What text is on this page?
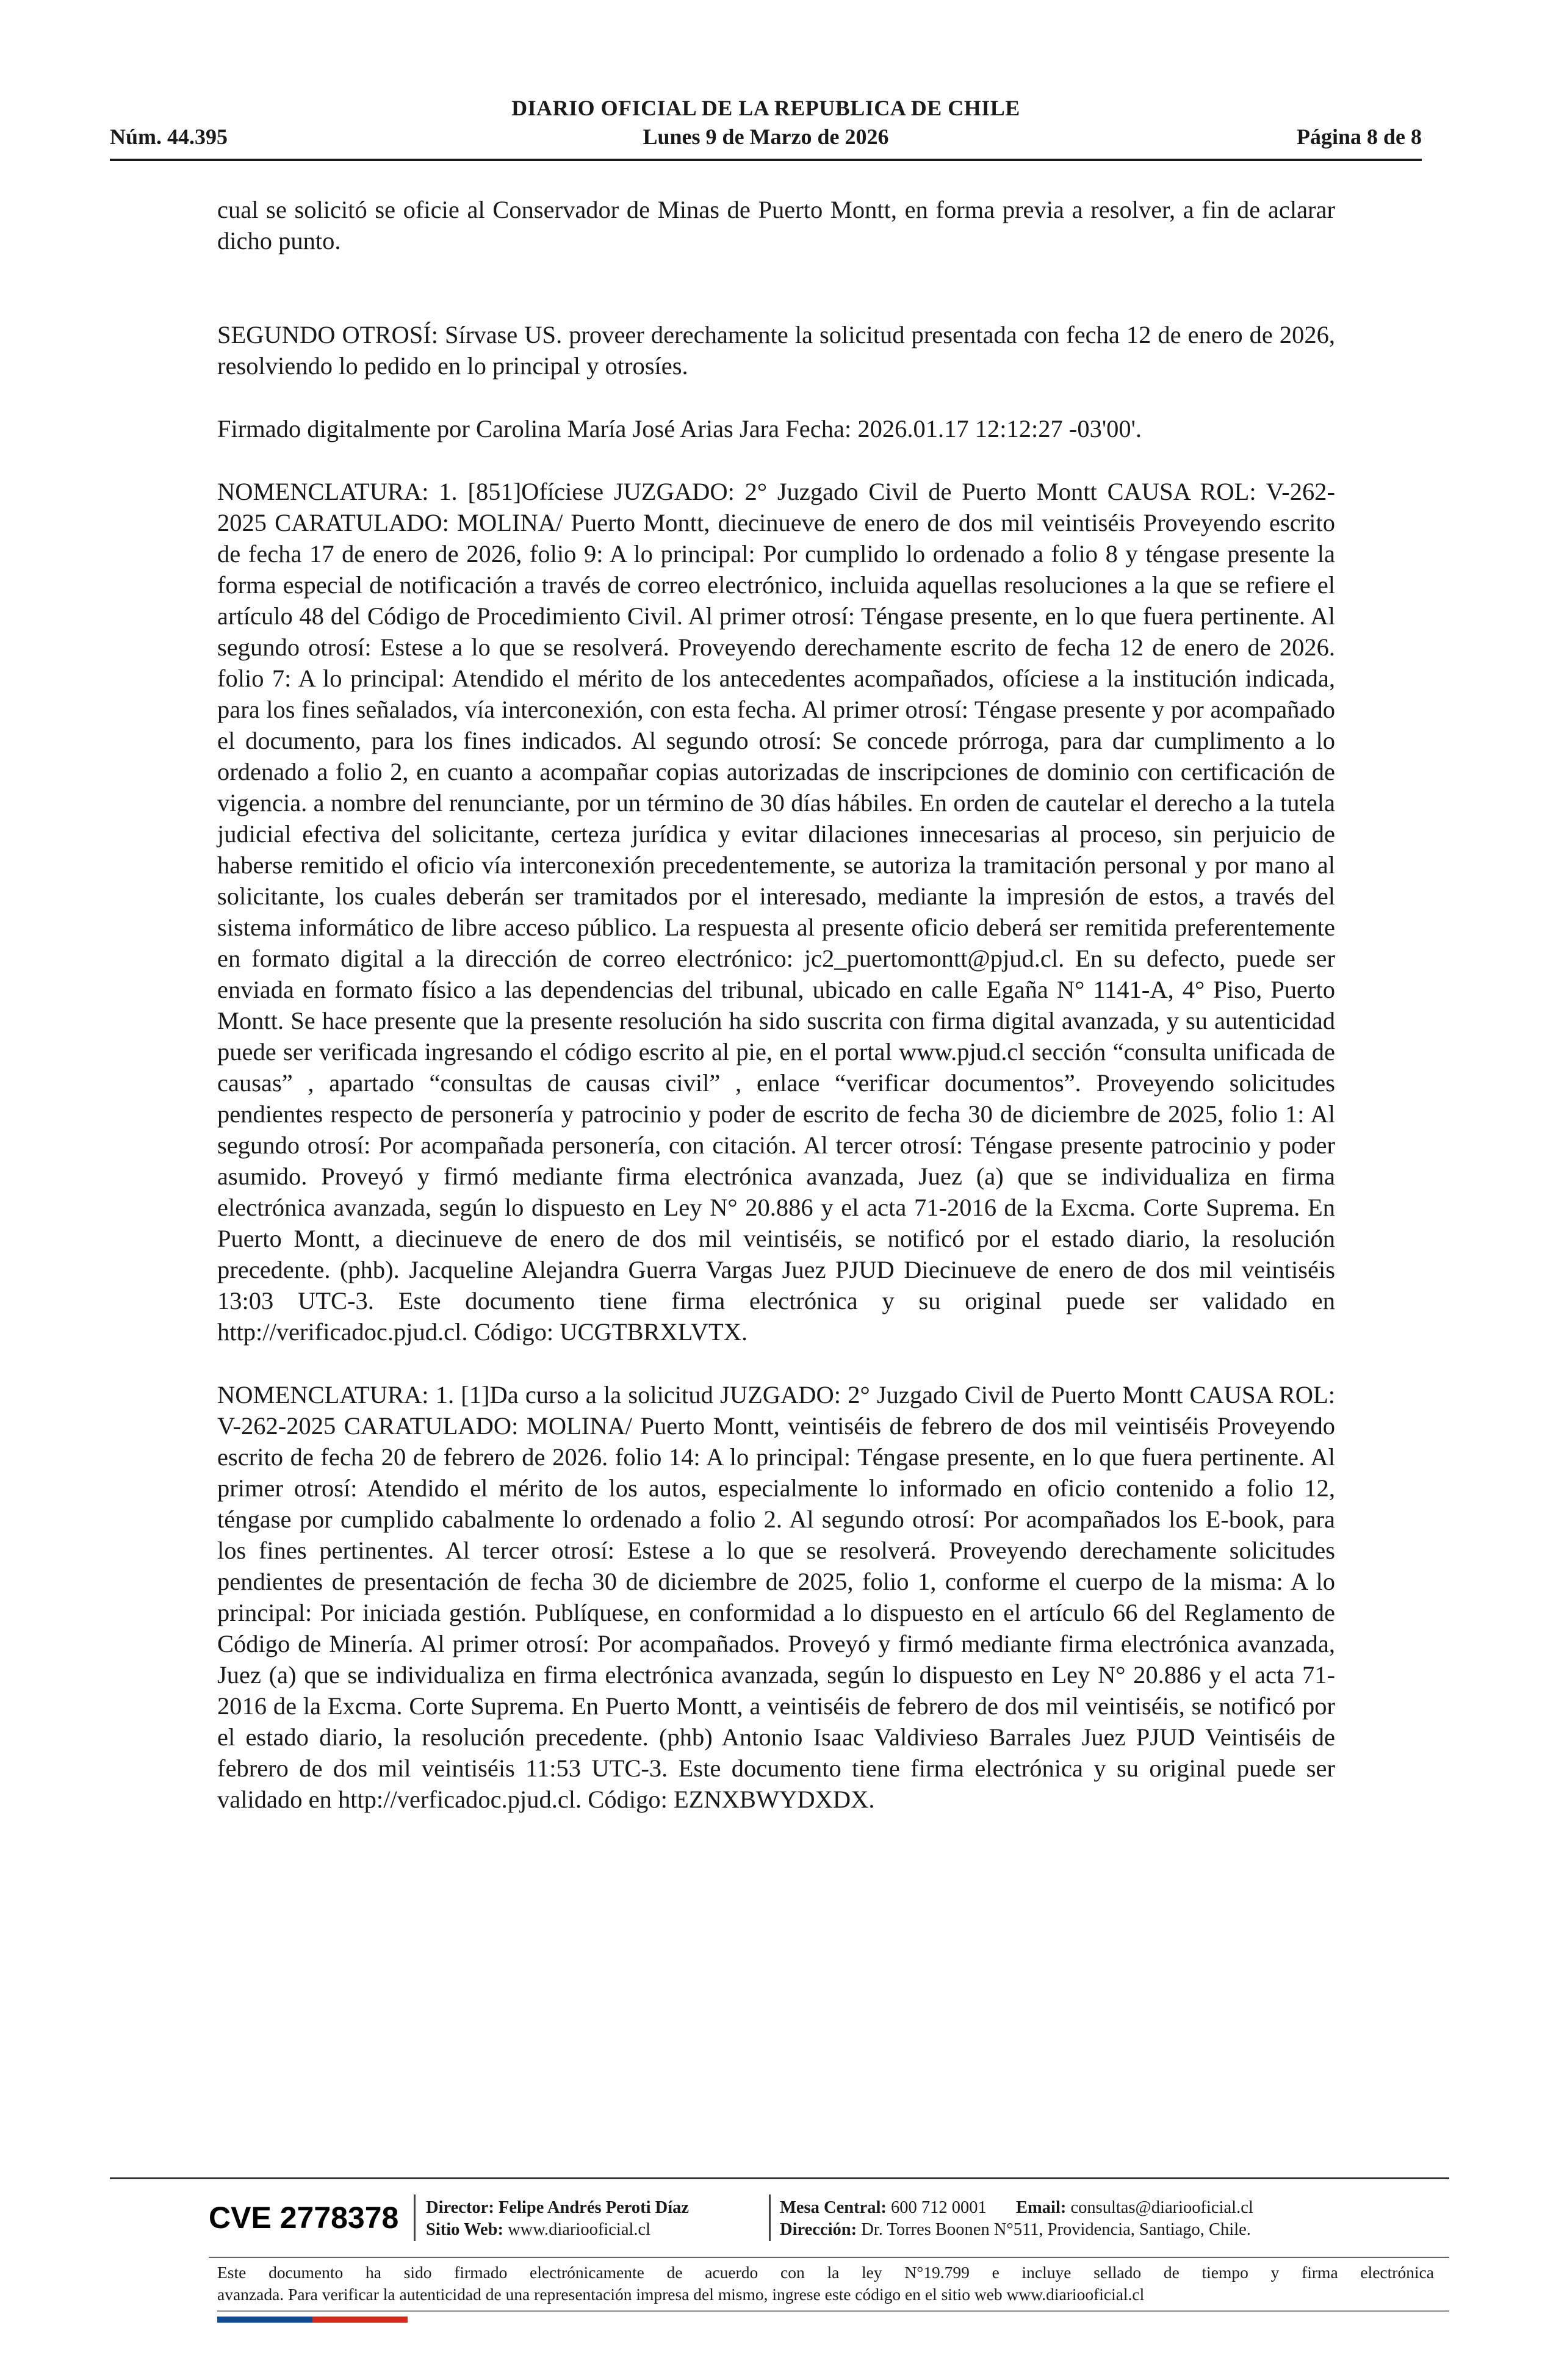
DIARIO OFICIAL DE LA REPUBLICA DE CHILE
Núm. 44.395	Lunes 9 de Marzo de 2026	Página 8 de 8

cual se solicitó se oficie al Conservador de Minas de Puerto Montt, en forma previa a resolver, a fin de aclarar dicho punto.

SEGUNDO OTROSÍ: Sírvase US. proveer derechamente la solicitud presentada con fecha 12 de enero de 2026, resolviendo lo pedido en lo principal y otrosíes.

Firmado digitalmente por Carolina María José Arias Jara Fecha: 2026.01.17 12:12:27 -03'00'.

NOMENCLATURA: 1. [851]Ofíciese JUZGADO: 2° Juzgado Civil de Puerto Montt CAUSA ROL: V-262-2025 CARATULADO: MOLINA/ Puerto Montt, diecinueve de enero de dos mil veintiséis Proveyendo escrito de fecha 17 de enero de 2026, folio 9: A lo principal: Por cumplido lo ordenado a folio 8 y téngase presente la forma especial de notificación a través de correo electrónico, incluida aquellas resoluciones a la que se refiere el artículo 48 del Código de Procedimiento Civil. Al primer otrosí: Téngase presente, en lo que fuera pertinente. Al segundo otrosí: Estese a lo que se resolverá. Proveyendo derechamente escrito de fecha 12 de enero de 2026. folio 7: A lo principal: Atendido el mérito de los antecedentes acompañados, ofíciese a la institución indicada, para los fines señalados, vía interconexión, con esta fecha. Al primer otrosí: Téngase presente y por acompañado el documento, para los fines indicados. Al segundo otrosí: Se concede prórroga, para dar cumplimento a lo ordenado a folio 2, en cuanto a acompañar copias autorizadas de inscripciones de dominio con certificación de vigencia. a nombre del renunciante, por un término de 30 días hábiles. En orden de cautelar el derecho a la tutela judicial efectiva del solicitante, certeza jurídica y evitar dilaciones innecesarias al proceso, sin perjuicio de haberse remitido el oficio vía interconexión precedentemente, se autoriza la tramitación personal y por mano al solicitante, los cuales deberán ser tramitados por el interesado, mediante la impresión de estos, a través del sistema informático de libre acceso público. La respuesta al presente oficio deberá ser remitida preferentemente en formato digital a la dirección de correo electrónico: jc2_puertomontt@pjud.cl. En su defecto, puede ser enviada en formato físico a las dependencias del tribunal, ubicado en calle Egaña N° 1141-A, 4° Piso, Puerto Montt. Se hace presente que la presente resolución ha sido suscrita con firma digital avanzada, y su autenticidad puede ser verificada ingresando el código escrito al pie, en el portal www.pjud.cl sección “consulta unificada de causas” , apartado “consultas de causas civil” , enlace “verificar documentos”. Proveyendo solicitudes pendientes respecto de personería y patrocinio y poder de escrito de fecha 30 de diciembre de 2025, folio 1: Al segundo otrosí: Por acompañada personería, con citación. Al tercer otrosí: Téngase presente patrocinio y poder asumido. Proveyó y firmó mediante firma electrónica avanzada, Juez (a) que se individualiza en firma electrónica avanzada, según lo dispuesto en Ley N° 20.886 y el acta 71-2016 de la Excma. Corte Suprema. En Puerto Montt, a diecinueve de enero de dos mil veintiséis, se notificó por el estado diario, la resolución precedente. (phb). Jacqueline Alejandra Guerra Vargas Juez PJUD Diecinueve de enero de dos mil veintiséis 13:03 UTC-3. Este documento tiene firma electrónica y su original puede ser validado en http://verificadoc.pjud.cl. Código: UCGTBRXLVTX.

NOMENCLATURA: 1. [1]Da curso a la solicitud JUZGADO: 2° Juzgado Civil de Puerto Montt CAUSA ROL: V-262-2025 CARATULADO: MOLINA/ Puerto Montt, veintiséis de febrero de dos mil veintiséis Proveyendo escrito de fecha 20 de febrero de 2026. folio 14: A lo principal: Téngase presente, en lo que fuera pertinente. Al primer otrosí: Atendido el mérito de los autos, especialmente lo informado en oficio contenido a folio 12, téngase por cumplido cabalmente lo ordenado a folio 2. Al segundo otrosí: Por acompañados los E-book, para los fines pertinentes. Al tercer otrosí: Estese a lo que se resolverá. Proveyendo derechamente solicitudes pendientes de presentación de fecha 30 de diciembre de 2025, folio 1, conforme el cuerpo de la misma: A lo principal: Por iniciada gestión. Publíquese, en conformidad a lo dispuesto en el artículo 66 del Reglamento de Código de Minería. Al primer otrosí: Por acompañados. Proveyó y firmó mediante firma electrónica avanzada, Juez (a) que se individualiza en firma electrónica avanzada, según lo dispuesto en Ley N° 20.886 y el acta 71-2016 de la Excma. Corte Suprema. En Puerto Montt, a veintiséis de febrero de dos mil veintiséis, se notificó por el estado diario, la resolución precedente. (phb) Antonio Isaac Valdivieso Barrales Juez PJUD Veintiséis de febrero de dos mil veintiséis 11:53 UTC-3. Este documento tiene firma electrónica y su original puede ser validado en http://verficadoc.pjud.cl. Código: EZNXBWYDXDX.

CVE 2778378 Director: Felipe Andrés Peroti Díaz
Sitio Web: www.diariooficial.cl
Mesa Central: 600 712 0001 Email: consultas@diariooficial.cl
Dirección: Dr. Torres Boonen N°511, Providencia, Santiago, Chile.
Este documento ha sido firmado electrónicamente de acuerdo con la ley N°19.799 e incluye sellado de tiempo y firma electrónica
avanzada. Para verificar la autenticidad de una representación impresa del mismo, ingrese este código en el sitio web www.diariooficial.cl
